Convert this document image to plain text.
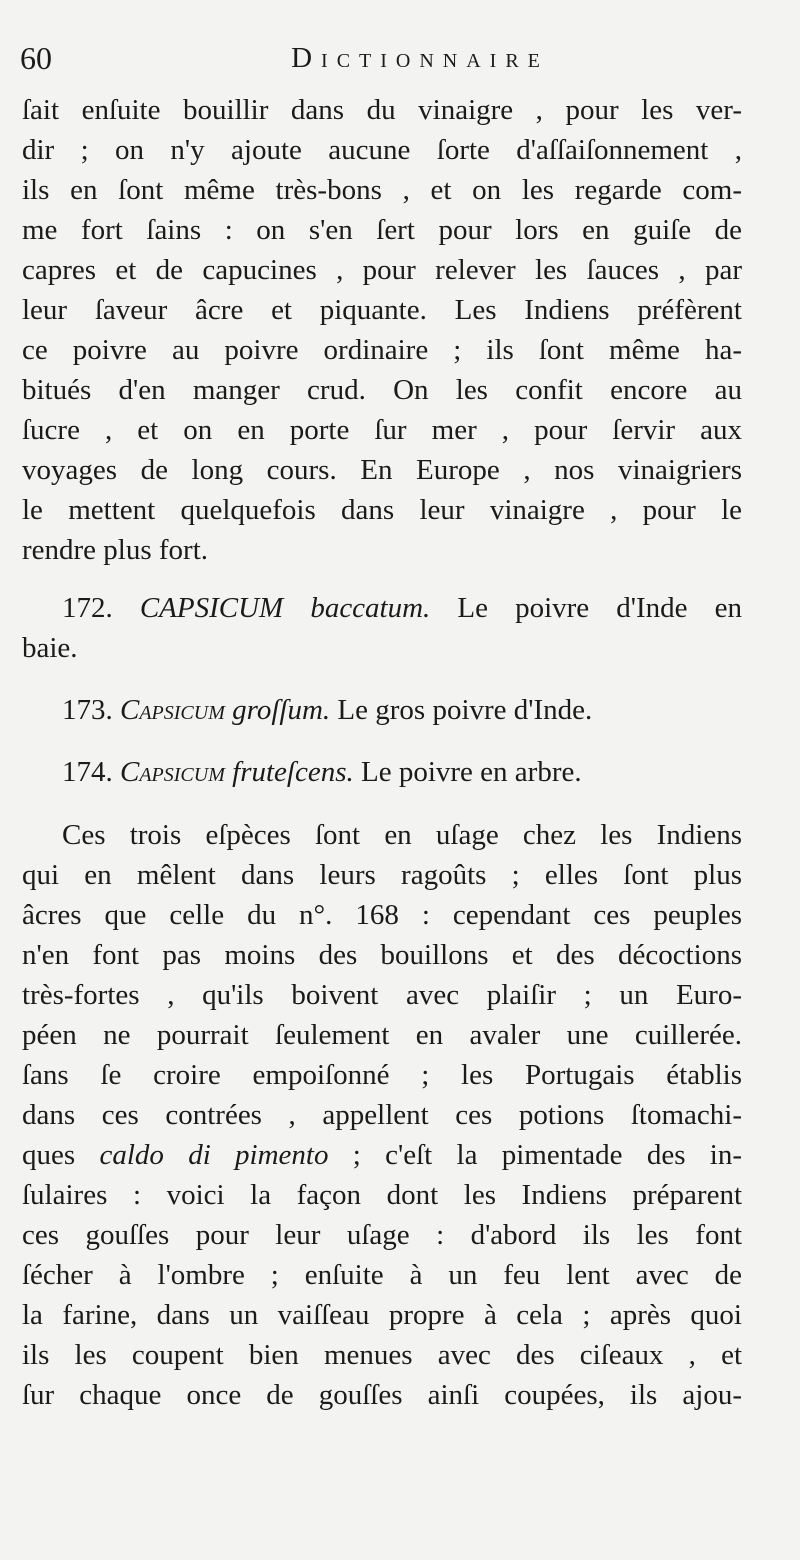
60	Dictionnaire
ſait enſuite bouillir dans du vinaigre , pour les ver-
dir ; on n'y ajoute aucune ſorte d'aſſaiſonnement ,
ils en ſont même très-bons , et on les regarde com-
me fort ſains : on s'en ſert pour lors en guiſe de
capres et de capucines , pour relever les ſauces , par
leur ſaveur âcre et piquante. Les Indiens préfèrent
ce poivre au poivre ordinaire ; ils ſont même ha-
bitués d'en manger crud. On les confit encore au
ſucre , et on en porte ſur mer , pour ſervir aux
voyages de long cours. En Europe , nos vinaigriers
le mettent quelquefois dans leur vinaigre , pour le
rendre plus fort.
172. CAPSICUM baccatum. Le poivre d'Inde en
baie.
173. Capsicum groſſum. Le gros poivre d'Inde.
174. Capsicum fruteſcens. Le poivre en arbre.
Ces trois eſpèces ſont en uſage chez les Indiens
qui en mêlent dans leurs ragoûts ; elles ſont plus
âcres que celle du n°. 168 : cependant ces peuples
n'en font pas moins des bouillons et des décoctions
très-fortes , qu'ils boivent avec plaiſir ; un Euro-
péen ne pourrait ſeulement en avaler une cuillerée.
ſans ſe croire empoiſonné ; les Portugais établis
dans ces contrées , appellent ces potions ſtomachi-
ques caldo di pimento ; c'eſt la pimentade des in-
ſulaires : voici la façon dont les Indiens préparent
ces gouſſes pour leur uſage : d'abord ils les font
ſécher à l'ombre ; enſuite à un feu lent avec de
la farine, dans un vaiſſeau propre à cela ; après quoi
ils les coupent bien menues avec des ciſeaux , et
ſur chaque once de gouſſes ainſi coupées, ils ajou-
